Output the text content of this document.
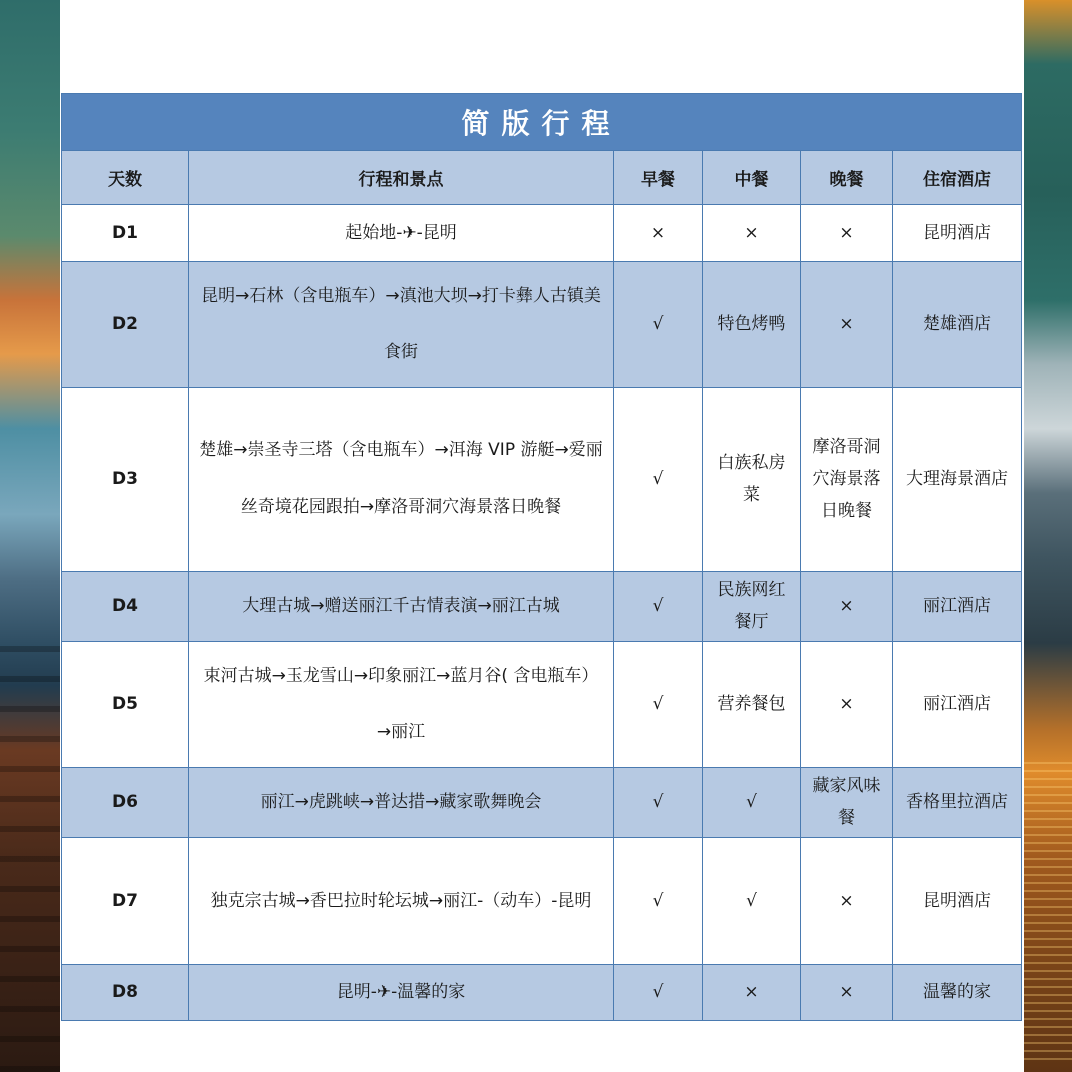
简版行程					
天数	行程和景点	早餐	中餐	晚餐	住宿酒店
D1	起始地-✈-昆明	×	×	×	昆明酒店
D2	昆明→石林（含电瓶车）→滇池大坝→打卡彝人古镇美食街	√	特色烤鸭	×	楚雄酒店
D3	楚雄→崇圣寺三塔（含电瓶车）→洱海 VIP 游艇→爱丽丝奇境花园跟拍→摩洛哥洞穴海景落日晚餐	√	白族私房菜	摩洛哥洞穴海景落日晚餐	大理海景酒店
D4	大理古城→赠送丽江千古情表演→丽江古城	√	民族网红餐厅	×	丽江酒店
D5	束河古城→玉龙雪山→印象丽江→蓝月谷( 含电瓶车）→丽江	√	营养餐包	×	丽江酒店
D6	丽江→虎跳峡→普达措→藏家歌舞晚会	√	√	藏家风味餐	香格里拉酒店
D7	独克宗古城→香巴拉时轮坛城→丽江-（动车）-昆明	√	√	×	昆明酒店
D8	昆明-✈-温馨的家	√	×	×	温馨的家
